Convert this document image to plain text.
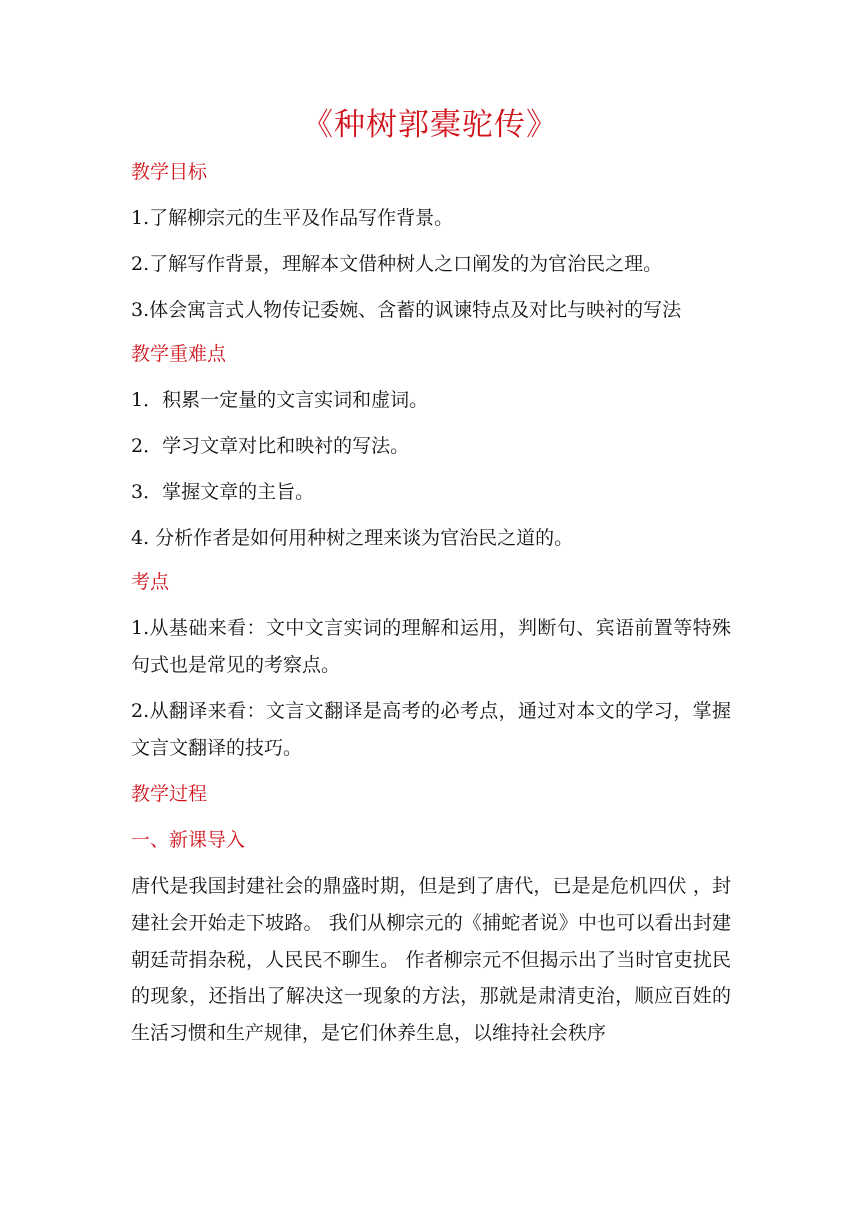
《种树郭橐驼传》
教学目标

1.了解柳宗元的生平及作品写作背景。

2.了解写作背景，理解本文借种树人之口阐发的为官治民之理。

3.体会寓言式人物传记委婉、含蓄的讽谏特点及对比与映衬的写法

教学重难点

1．积累一定量的文言实词和虚词。

2．学习文章对比和映衬的写法。

3．掌握文章的主旨。

4. 分析作者是如何用种树之理来谈为官治民之道的。

考点

1.从基础来看：文中文言实词的理解和运用，判断句、宾语前置等特殊句式也是常见的考察点。

2.从翻译来看：文言文翻译是高考的必考点，通过对本文的学习，掌握文言文翻译的技巧。

教学过程
一、新课导入

唐代是我国封建社会的鼎盛时期，但是到了唐代，已是是危机四伏 ，封建社会开始走下坡路。 我们从柳宗元的《捕蛇者说》中也可以看出封建朝廷苛捐杂税，人民民不聊生。 作者柳宗元不但揭示出了当时官吏扰民的现象，还指出了解决这一现象的方法，那就是肃清吏治，顺应百姓的生活习惯和生产规律，是它们休养生息，以维持社会秩序
